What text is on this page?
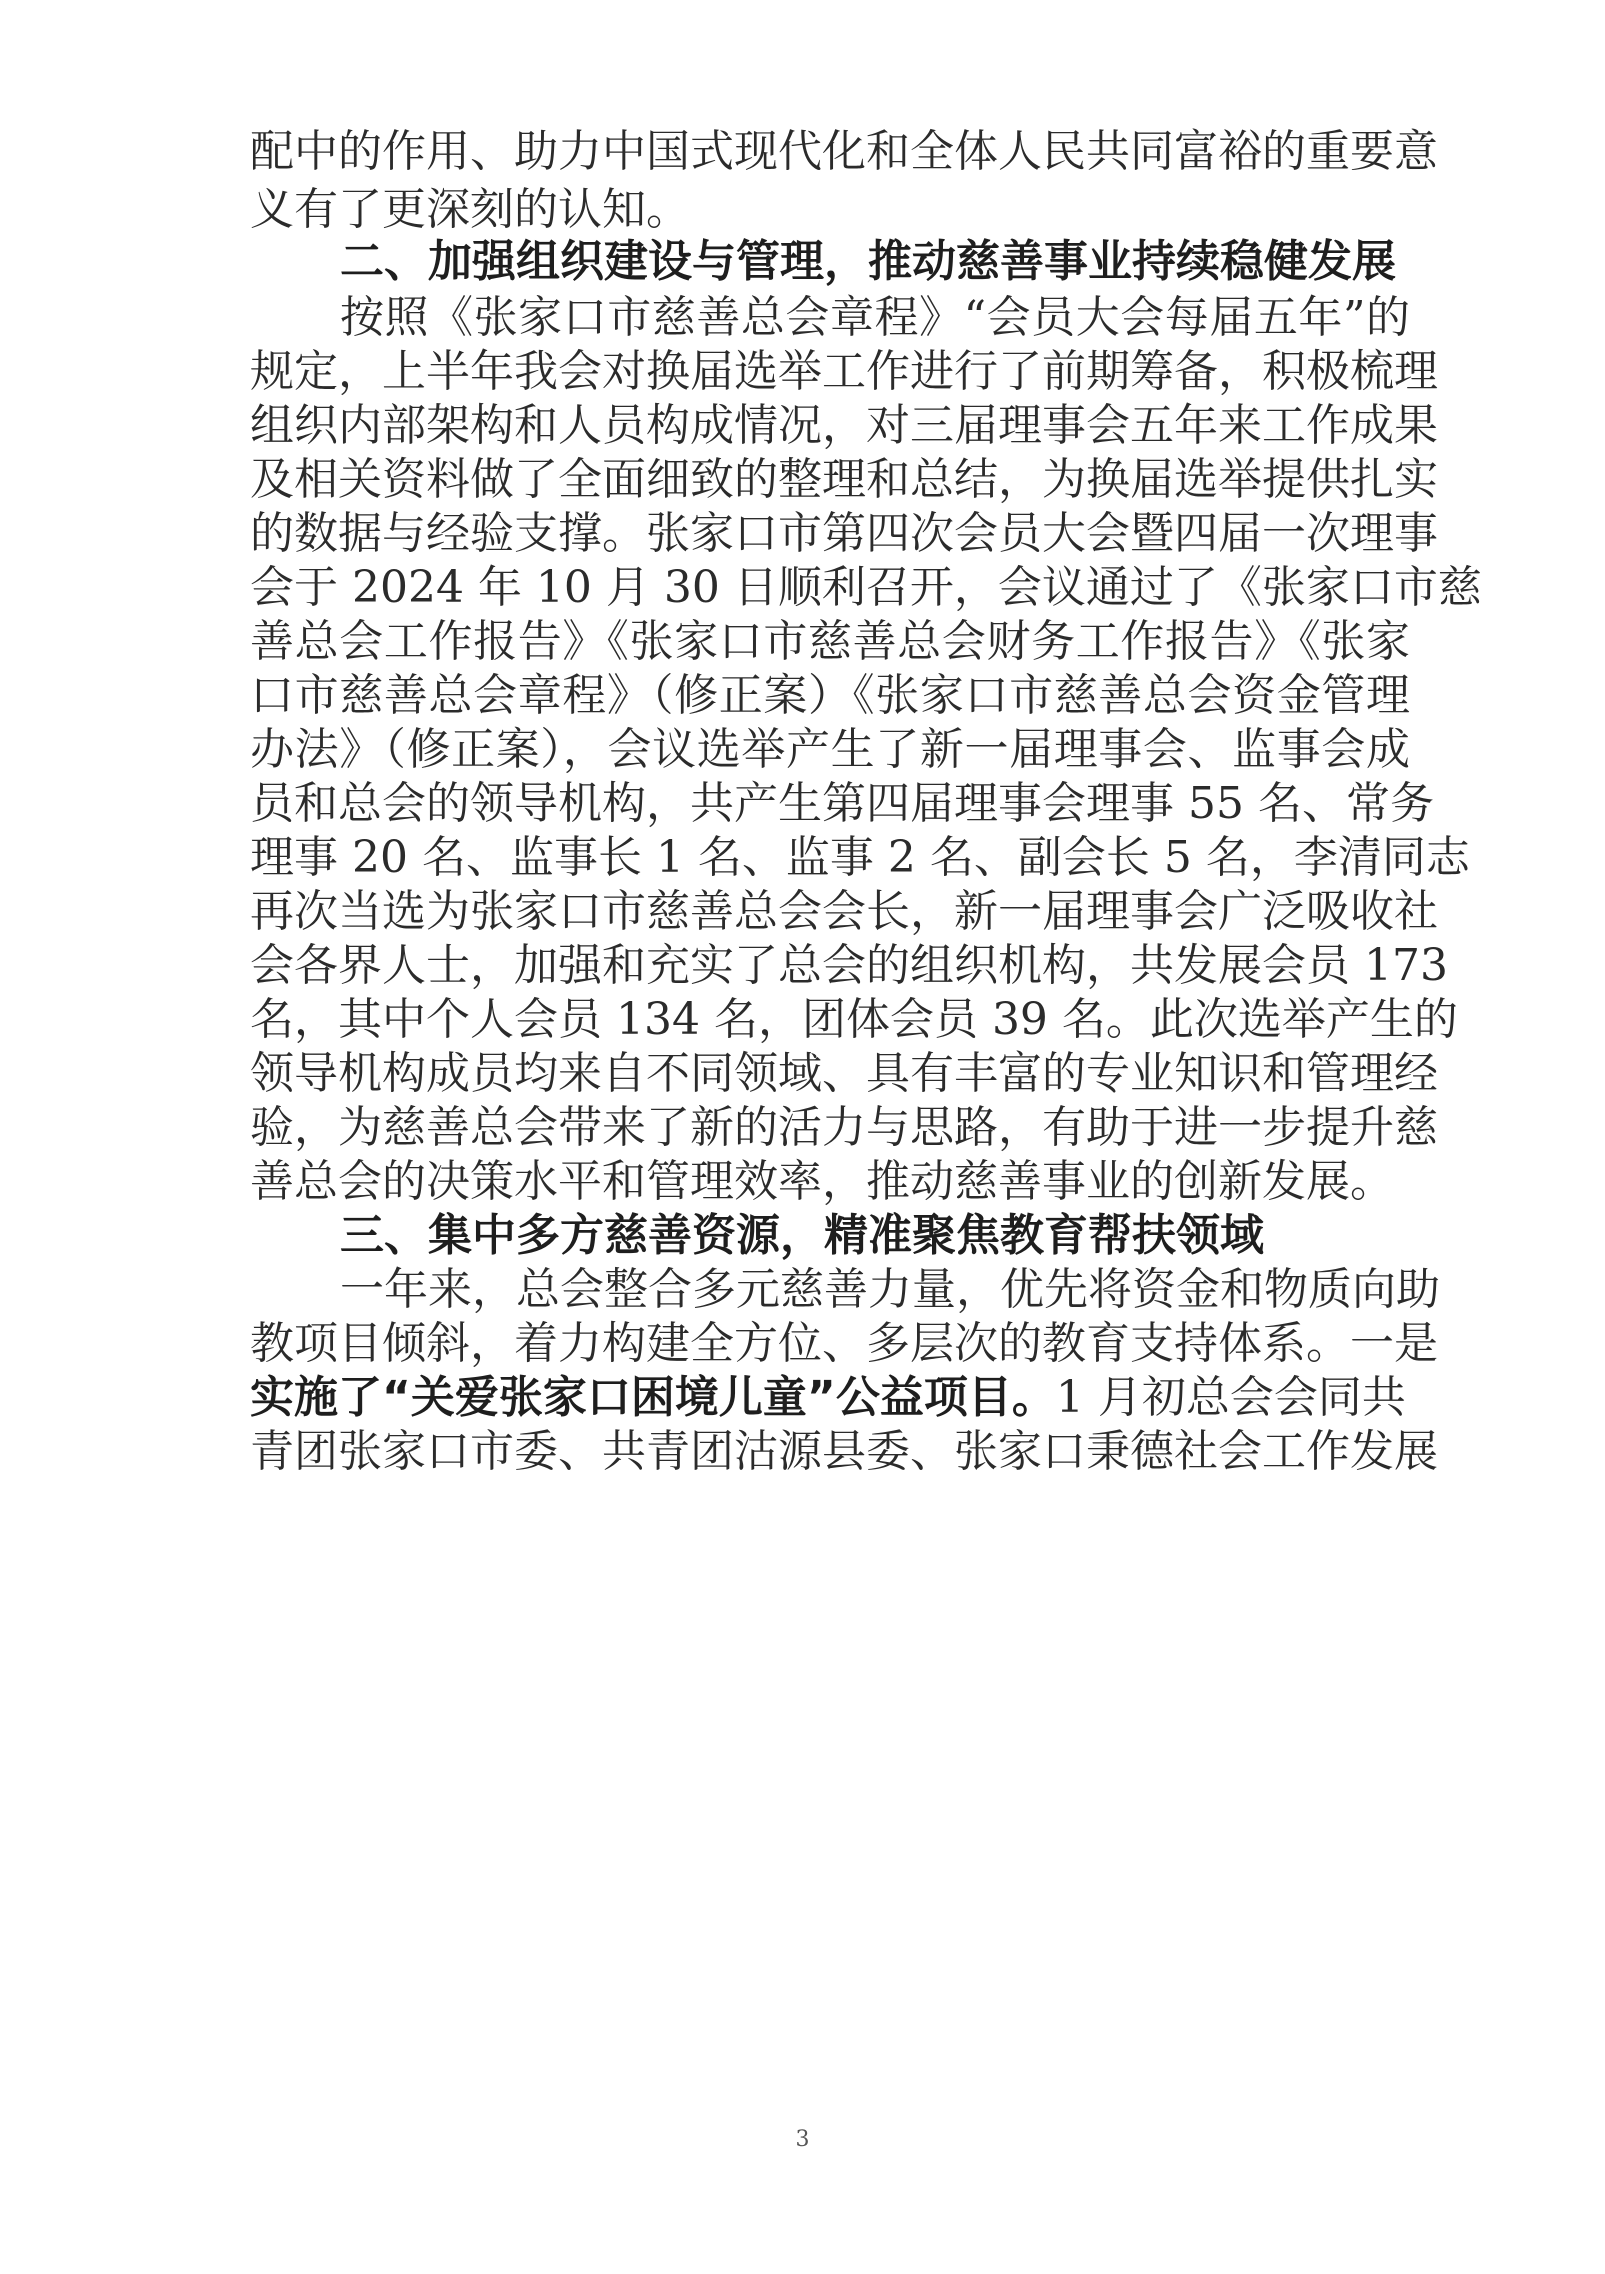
配中的作用、助力中国式现代化和全体人民共同富裕的重要意
义有了更深刻的认知。
二、加强组织建设与管理，推动慈善事业持续稳健发展
按照《张家口市慈善总会章程》“会员大会每届五年”的
规定，上半年我会对换届选举工作进行了前期筹备，积极梳理
组织内部架构和人员构成情况，对三届理事会五年来工作成果
及相关资料做了全面细致的整理和总结，为换届选举提供扎实
的数据与经验支撑。张家口市第四次会员大会暨四届一次理事
会于 2024 年 10 月 30 日顺利召开，会议通过了《张家口市慈
善总会工作报告》《张家口市慈善总会财务工作报告》《张家
口市慈善总会章程》（修正案）《张家口市慈善总会资金管理
办法》（修正案），会议选举产生了新一届理事会、监事会成
员和总会的领导机构，共产生第四届理事会理事 55 名、常务
理事 20 名、监事长 1 名、监事 2 名、副会长 5 名，李清同志
再次当选为张家口市慈善总会会长，新一届理事会广泛吸收社
会各界人士，加强和充实了总会的组织机构，共发展会员 173
名，其中个人会员 134 名，团体会员 39 名。此次选举产生的
领导机构成员均来自不同领域、具有丰富的专业知识和管理经
验，为慈善总会带来了新的活力与思路，有助于进一步提升慈
善总会的决策水平和管理效率，推动慈善事业的创新发展。
三、集中多方慈善资源，精准聚焦教育帮扶领域
一年来，总会整合多元慈善力量，优先将资金和物质向助
教项目倾斜，着力构建全方位、多层次的教育支持体系。一是
实施了“关爱张家口困境儿童”公益项目。1 月初总会会同共
青团张家口市委、共青团沽源县委、张家口秉德社会工作发展
3
